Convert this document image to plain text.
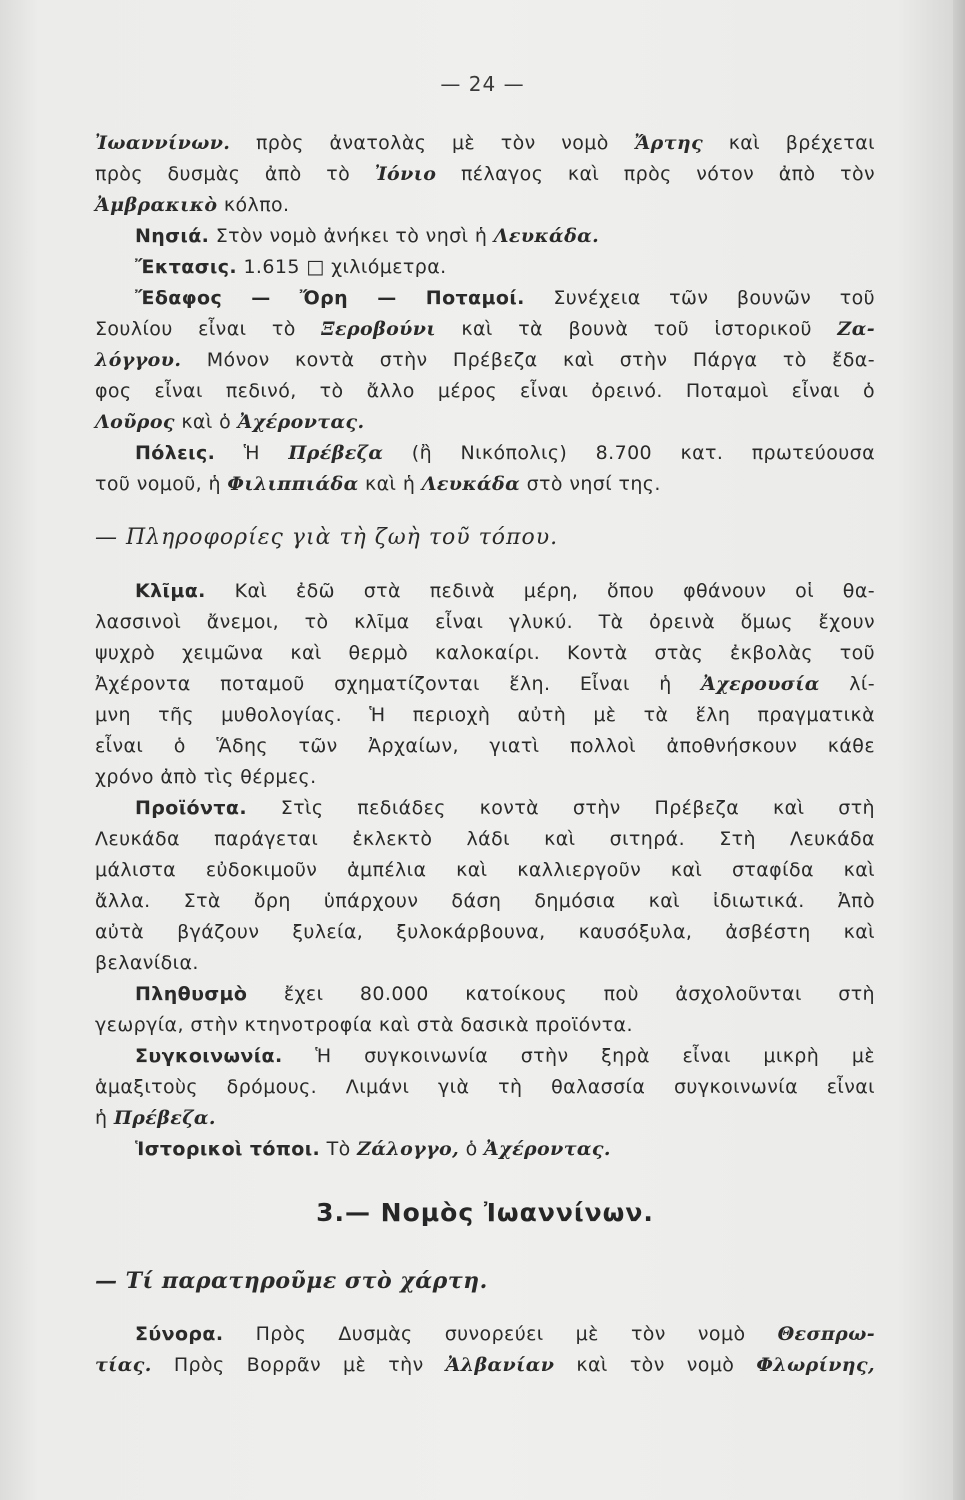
— 24 —
Ἰωαννίνων. πρὸς ἀνατολὰς μὲ τὸν νομὸ Ἄρτης καὶ βρέχεται
πρὸς δυσμὰς ἀπὸ τὸ Ἰόνιο πέλαγος καὶ πρὸς νότον ἀπὸ τὸν
Ἀμβρακικὸ κόλπο.
Νησιά. Στὸν νομὸ ἀνήκει τὸ νησὶ ἡ Λευκάδα.
Ἔκτασις. 1.615 □ χιλιόμετρα.
Ἔδαφος — Ὄρη — Ποταμοί. Συνέχεια τῶν βουνῶν τοῦ
Σουλίου εἶναι τὸ Ξεροβούνι καὶ τὰ βουνὰ τοῦ ἱστορικοῦ Ζα-
λόγγου. Μόνον κοντὰ στὴν Πρέβεζα καὶ στὴν Πάργα τὸ ἔδα-
φος εἶναι πεδινό, τὸ ἄλλο μέρος εἶναι ὀρεινό. Ποταμοὶ εἶναι ὁ
Λοῦρος καὶ ὁ Ἀχέροντας.
Πόλεις. Ἡ Πρέβεζα (ἢ Νικόπολις) 8.700 κατ. πρωτεύουσα
τοῦ νομοῦ, ἡ Φιλιππιάδα καὶ ἡ Λευκάδα στὸ νησί της.
— Πληροφορίες γιὰ τὴ ζωὴ τοῦ τόπου.
Κλῖμα. Καὶ ἐδῶ στὰ πεδινὰ μέρη, ὅπου φθάνουν οἱ θα-
λασσινοὶ ἄνεμοι, τὸ κλῖμα εἶναι γλυκύ. Τὰ ὀρεινὰ ὅμως ἔχουν
ψυχρὸ χειμῶνα καὶ θερμὸ καλοκαίρι. Κοντὰ στὰς ἐκβολὰς τοῦ
Ἀχέροντα ποταμοῦ σχηματίζονται ἕλη. Εἶναι ἡ Ἀχερουσία λί-
μνη τῆς μυθολογίας. Ἡ περιοχὴ αὐτὴ μὲ τὰ ἕλη πραγματικὰ
εἶναι ὁ Ἅδης τῶν Ἀρχαίων, γιατὶ πολλοὶ ἀποθνήσκουν κάθε
χρόνο ἀπὸ τὶς θέρμες.
Προϊόντα. Στὶς πεδιάδες κοντὰ στὴν Πρέβεζα καὶ στὴ
Λευκάδα παράγεται ἐκλεκτὸ λάδι καὶ σιτηρά. Στὴ Λευκάδα
μάλιστα εὐδοκιμοῦν ἀμπέλια καὶ καλλιεργοῦν καὶ σταφίδα καὶ
ἄλλα. Στὰ ὄρη ὑπάρχουν δάση δημόσια καὶ ἰδιωτικά. Ἀπὸ
αὐτὰ βγάζουν ξυλεία, ξυλοκάρβουνα, καυσόξυλα, ἀσβέστη καὶ
βελανίδια.
Πληθυσμὸ ἔχει 80.000 κατοίκους ποὺ ἀσχολοῦνται στὴ
γεωργία, στὴν κτηνοτροφία καὶ στὰ δασικὰ προϊόντα.
Συγκοινωνία. Ἡ συγκοινωνία στὴν ξηρὰ εἶναι μικρὴ μὲ
ἁμαξιτοὺς δρόμους. Λιμάνι γιὰ τὴ θαλασσία συγκοινωνία εἶναι
ἡ Πρέβεζα.
Ἱστορικοὶ τόποι. Τὸ Ζάλογγο, ὁ Ἀχέροντας.
3.— Νομὸς Ἰωαννίνων.
— Τί παρατηροῦμε στὸ χάρτη.
Σύνορα. Πρὸς Δυσμὰς συνορεύει μὲ τὸν νομὸ Θεσπρω-
τίας. Πρὸς Βορρᾶν μὲ τὴν Ἀλβανίαν καὶ τὸν νομὸ Φλωρίνης,
